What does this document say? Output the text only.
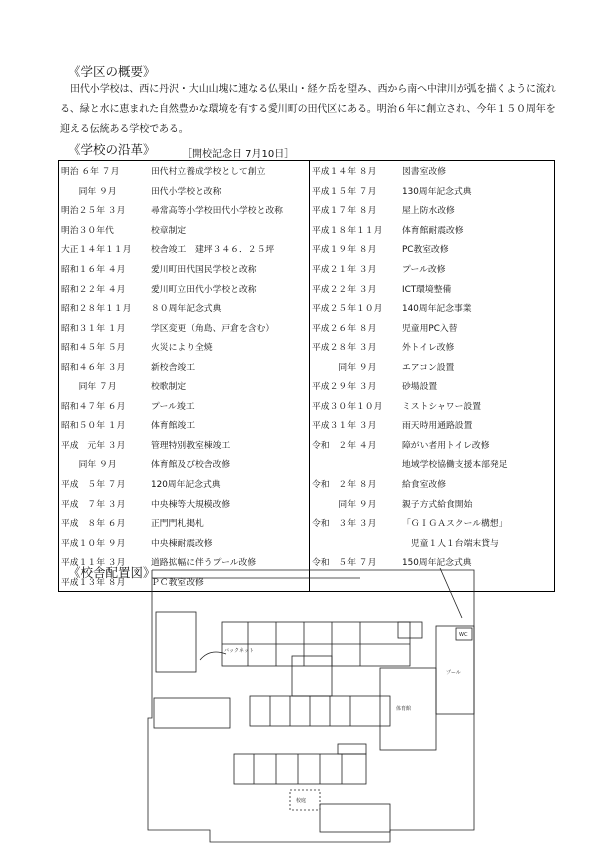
《学区の概要》
田代小学校は、西に丹沢・大山山塊に連なる仏果山・経ケ岳を望み、西から南へ中津川が弧を描くように流れる、緑と水に恵まれた自然豊かな環境を有する愛川町の田代区にある。明治６年に創立され、今年１５０周年を迎える伝統ある学校である。
《学校の沿革》	［開校記念日 7月10日］
明治 ６年 ７月	田代村立養成学校として創立	平成１４年 ８月	図書室改修
　　同年 ９月	田代小学校と改称	平成１５年 ７月	130周年記念式典
明治２５年 ３月	尋常高等小学校田代小学校と改称	平成１７年 ８月	屋上防水改修
明治３０年代	校章制定	平成１８年１１月	体育館耐震改修
大正１４年１１月	校舎竣工　建坪３４６．２５坪	平成１９年 ８月	PC教室改修
昭和１６年 ４月	愛川町田代国民学校と改称	平成２１年 ３月	プール改修
昭和２２年 ４月	愛川町立田代小学校と改称	平成２２年 ３月	ICT環境整備
昭和２８年１１月	８０周年記念式典	平成２５年１０月	140周年記念事業
昭和３１年 １月	学区変更（角島、戸倉を含む）	平成２６年 ８月	児童用PC入替
昭和４５年 ５月	火災により全焼	平成２８年 ３月	外トイレ改修
昭和４６年 ３月	新校舎竣工	　　　同年 ９月	エアコン設置
　　同年 ７月	校歌制定	平成２９年 ３月	砂場設置
昭和４７年 ６月	プール竣工	平成３０年１０月	ミストシャワー設置
昭和５０年 １月	体育館竣工	平成３１年 ３月	雨天時用通路設置
平成　元年 ３月	管理特別教室棟竣工	令和　２年 ４月	障がい者用トイレ改修
　　同年 ９月	体育館及び校舎改修		地域学校協働支援本部発足
平成　５年 ７月	120周年記念式典	令和　２年 ８月	給食室改修
平成　７年 ３月	中央棟等大規模改修	　　　同年 ９月	親子方式給食開始
平成　８年 ６月	正門門札掲札	令和　３年 ３月	「ＧＩＧＡスクール構想」
平成１０年 ９月	中央棟耐震改修		　児童１人１台端末貸与
平成１１年 ３月	道路拡幅に伴うプール改修	令和　５年 ７月	150周年記念式典
平成１３年 ８月	ＰＣ教室改修		
《校舎配置図》
プール
体育館
WC
バックネット
校庭
